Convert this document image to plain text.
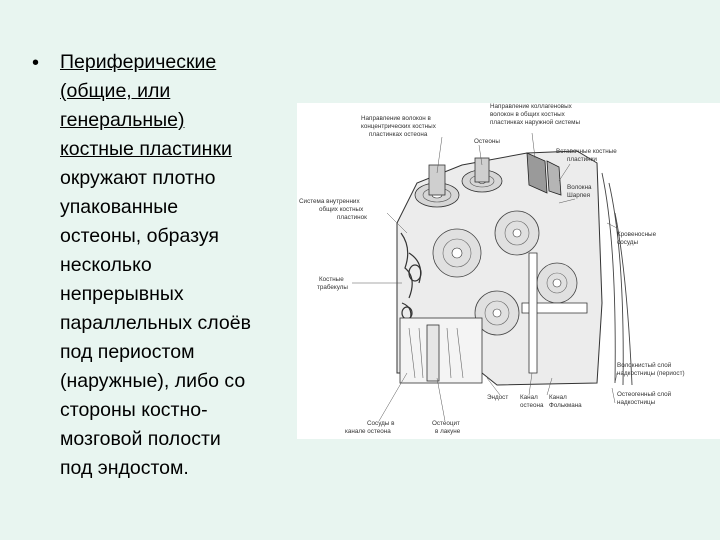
• Периферические
(общие, или
генеральные)
костные пластинки
окружают плотно
упакованные
остеоны, образуя
несколько
непрерывных
параллельных слоёв
под периостом
(наружные), либо со
стороны костно-
мозговой полости
под эндостом.
Направление коллагеновых
волокон в общих костных
пластинках наружной системы
Направление волокон в
концентрических костных
пластинках остеона
Остеоны
Вставочные костные
пластинки
Волокна
Шарпея
Система внутренних
общих костных
пластинок
Кровеносные
сосуды
Костные
трабекулы
Волокнистый слой
надкостницы (периост)
Остеогенный слой
надкостницы
Эндост Канал
остеона
Канал
Фолькмана
Сосуды в
канале остеона
Остеоцит
в лакуне
